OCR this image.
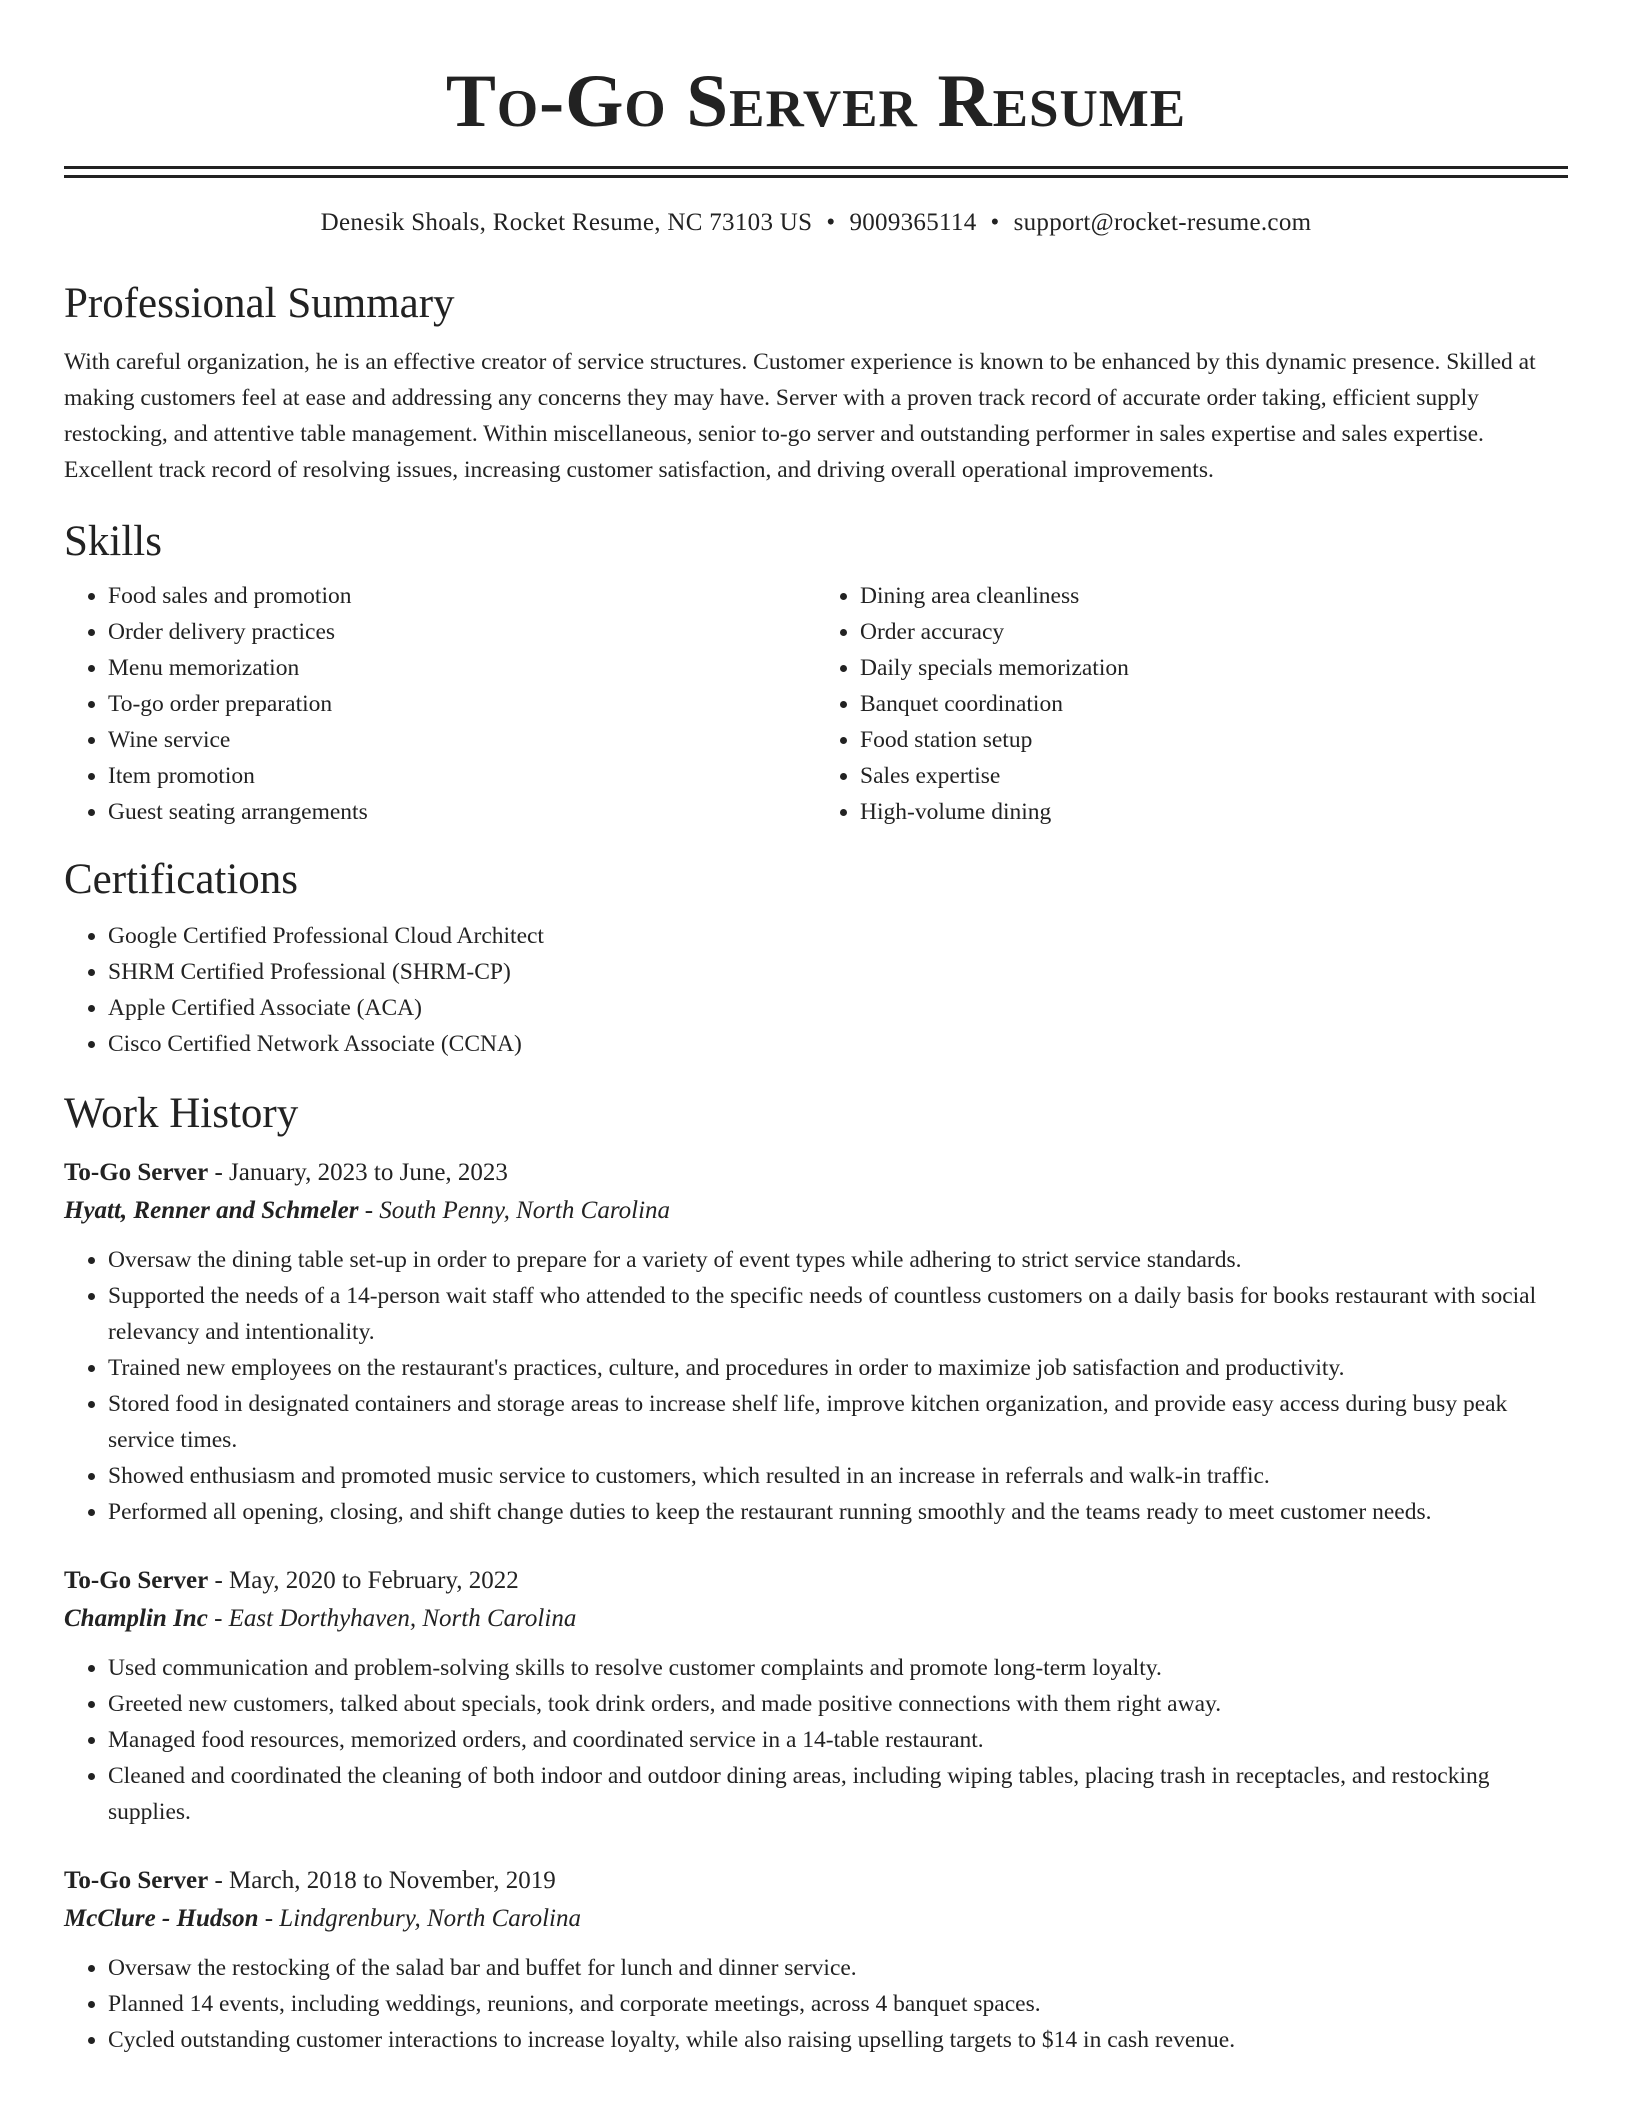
To-Go Server Resume
Denesik Shoals, Rocket Resume, NC 73103 US • 9009365114 • support@rocket-resume.com
Professional Summary

With careful organization, he is an effective creator of service structures. Customer experience is known to be enhanced by this dynamic presence. Skilled at making customers feel at ease and addressing any concerns they may have. Server with a proven track record of accurate order taking, efficient supply restocking, and attentive table management. Within miscellaneous, senior to-go server and outstanding performer in sales expertise and sales expertise. Excellent track record of resolving issues, increasing customer satisfaction, and driving overall operational improvements.

Skills
• Food sales and promotion
• Order delivery practices
• Menu memorization
• To-go order preparation
• Wine service
• Item promotion
• Guest seating arrangements
• Dining area cleanliness
• Order accuracy
• Daily specials memorization
• Banquet coordination
• Food station setup
• Sales expertise
• High-volume dining
Certifications
• Google Certified Professional Cloud Architect
• SHRM Certified Professional (SHRM-CP)
• Apple Certified Associate (ACA)
• Cisco Certified Network Associate (CCNA)
Work History
To-Go Server - January, 2023 to June, 2023
Hyatt, Renner and Schmeler - South Penny, North Carolina
• Oversaw the dining table set-up in order to prepare for a variety of event types while adhering to strict service standards.
• Supported the needs of a 14-person wait staff who attended to the specific needs of countless customers on a daily basis for books restaurant with social relevancy and intentionality.
• Trained new employees on the restaurant's practices, culture, and procedures in order to maximize job satisfaction and productivity.
• Stored food in designated containers and storage areas to increase shelf life, improve kitchen organization, and provide easy access during busy peak service times.
• Showed enthusiasm and promoted music service to customers, which resulted in an increase in referrals and walk-in traffic.
• Performed all opening, closing, and shift change duties to keep the restaurant running smoothly and the teams ready to meet customer needs.
To-Go Server - May, 2020 to February, 2022
Champlin Inc - East Dorthyhaven, North Carolina
• Used communication and problem-solving skills to resolve customer complaints and promote long-term loyalty.
• Greeted new customers, talked about specials, took drink orders, and made positive connections with them right away.
• Managed food resources, memorized orders, and coordinated service in a 14-table restaurant.
• Cleaned and coordinated the cleaning of both indoor and outdoor dining areas, including wiping tables, placing trash in receptacles, and restocking supplies.
To-Go Server - March, 2018 to November, 2019
McClure - Hudson - Lindgrenbury, North Carolina
• Oversaw the restocking of the salad bar and buffet for lunch and dinner service.
• Planned 14 events, including weddings, reunions, and corporate meetings, across 4 banquet spaces.
• Cycled outstanding customer interactions to increase loyalty, while also raising upselling targets to $14 in cash revenue.
